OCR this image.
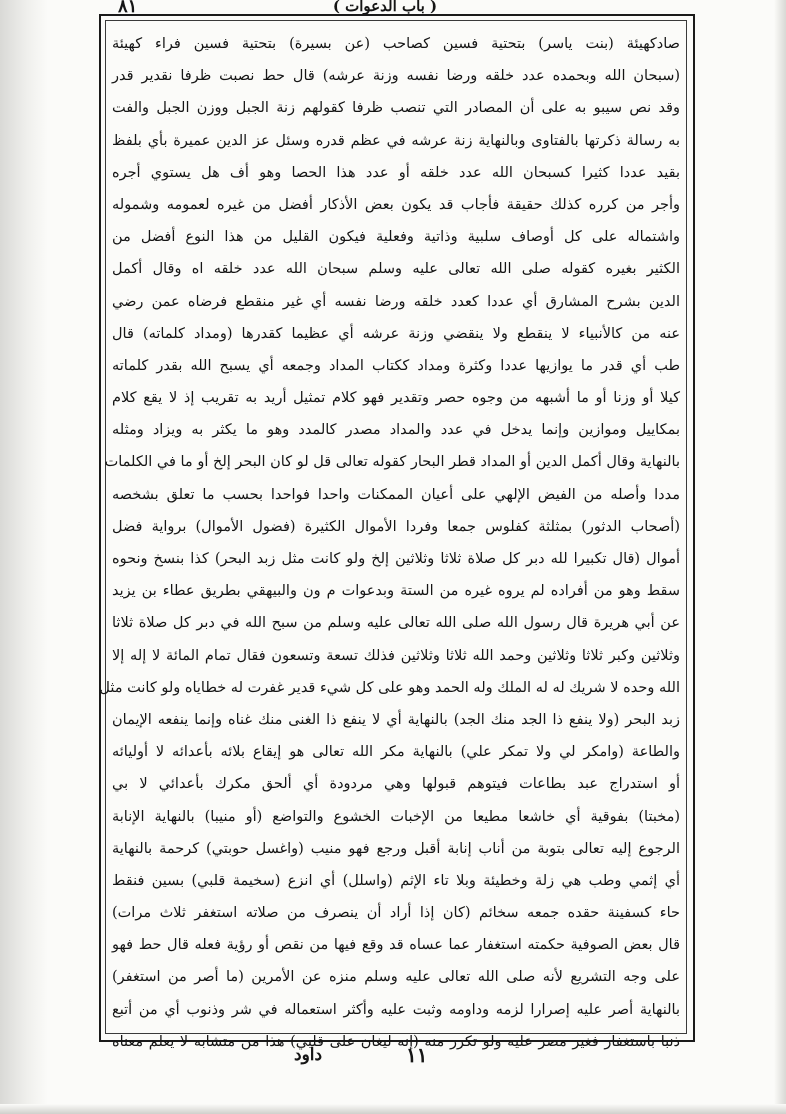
٨١	( باب الدعوات )
صادكهيئة (بنت ياسر) بتحتية فسين كصاحب (عن بسيرة) بتحتية فسين فراء كهيئة
(سبحان الله وبحمده عدد خلقه ورضا نفسه وزنة عرشه) قال حط نصبت ظرفا نقدير قدر
وقد نص سيبو به على أن المصادر التي تنصب ظرفا كقولهم زنة الجبل ووزن الجبل والفت
به رسالة ذكرتها بالفتاوى وبالنهاية زنة عرشه في عظم قدره وسئل عز الدين عميرة بأي بلفظ
بقيد عددا كثيرا كسبحان الله عدد خلقه أو عدد هذا الحصا وهو أف هل يستوي أجره
وأجر من كرره كذلك حقيقة فأجاب قد يكون بعض الأذكار أفضل من غيره لعمومه وشموله
واشتماله على كل أوصاف سلبية وذاتية وفعلية فيكون القليل من هذا النوع أفضل من
الكثير بغيره كقوله صلى الله تعالى عليه وسلم سبحان الله عدد خلقه اه وقال أكمل
الدين بشرح المشارق أي عددا كعدد خلقه ورضا نفسه أي غير منقطع فرضاه عمن رضي
عنه من كالأنبياء لا ينقطع ولا ينقضي وزنة عرشه أي عظيما كقدرها (ومداد كلماته) قال
طب أي قدر ما يوازيها عددا وكثرة ومداد ككتاب المداد وجمعه أي يسبح الله بقدر كلماته
كيلا أو وزنا أو ما أشبهه من وجوه حصر وتقدير فهو كلام تمثيل أريد به تقريب إذ لا يقع كلام
بمكاييل وموازين وإنما يدخل في عدد والمداد مصدر كالمدد وهو ما يكثر به ويزاد ومثله
بالنهاية وقال أكمل الدين أو المداد قطر البحار كقوله تعالى قل لو كان البحر إلخ أو ما في الكلمات
مددا وأصله من الفيض الإلهي على أعيان الممكنات واحدا فواحدا بحسب ما تعلق بشخصه
(أصحاب الدثور) بمثلثة كفلوس جمعا وفردا الأموال الكثيرة (فضول الأموال) برواية فضل
أموال (قال تكبيرا لله دبر كل صلاة ثلاثا وثلاثين إلخ ولو كانت مثل زبد البحر) كذا بنسخ ونحوه
سقط وهو من أفراده لم يروه غيره من الستة وبدعوات م ون والبيهقي بطريق عطاء بن يزيد
عن أبي هريرة قال رسول الله صلى الله تعالى عليه وسلم من سبح الله في دبر كل صلاة ثلاثا
وثلاثين وكبر ثلاثا وثلاثين وحمد الله ثلاثا وثلاثين فذلك تسعة وتسعون فقال تمام المائة لا إله إلا
الله وحده لا شريك له له الملك وله الحمد وهو على كل شيء قدير غفرت له خطاياه ولو كانت مثل
زبد البحر (ولا ينفع ذا الجد منك الجد) بالنهاية أي لا ينفع ذا الغنى منك غناه وإنما ينفعه الإيمان
والطاعة (وامكر لي ولا تمكر علي) بالنهاية مكر الله تعالى هو إيقاع بلائه بأعدائه لا أوليائه
أو استدراج عبد بطاعات فيتوهم قبولها وهي مردودة أي ألحق مكرك بأعدائي لا بي
(مخبتا) بفوقية أي خاشعا مطيعا من الإخبات الخشوع والتواضع (أو منيبا) بالنهاية الإنابة
الرجوع إليه تعالى بتوبة من أناب إنابة أقبل ورجع فهو منيب (واغسل حوبتي) كرحمة بالنهاية
أي إثمي وطب هي زلة وخطيئة وبلا تاء الإثم (واسلل) أي انزع (سخيمة قلبي) بسين فنقط
حاء كسفينة حقده جمعه سخائم (كان إذا أراد أن ينصرف من صلاته استغفر ثلاث مرات)
قال بعض الصوفية حكمته استغفار عما عساه قد وقع فيها من نقص أو رؤية فعله قال حط فهو
على وجه التشريع لأنه صلى الله تعالى عليه وسلم منزه عن الأمرين (ما أصر من استغفر)
بالنهاية أصر عليه إصرارا لزمه وداومه وثبت عليه وأكثر استعماله في شر وذنوب أي من أتبع
ذنبا باستغفار فغير مصر عليه ولو تكرر منه (إنه ليغان على قلبي) هذا من متشابه لا يعلم معناه
داود	١١
